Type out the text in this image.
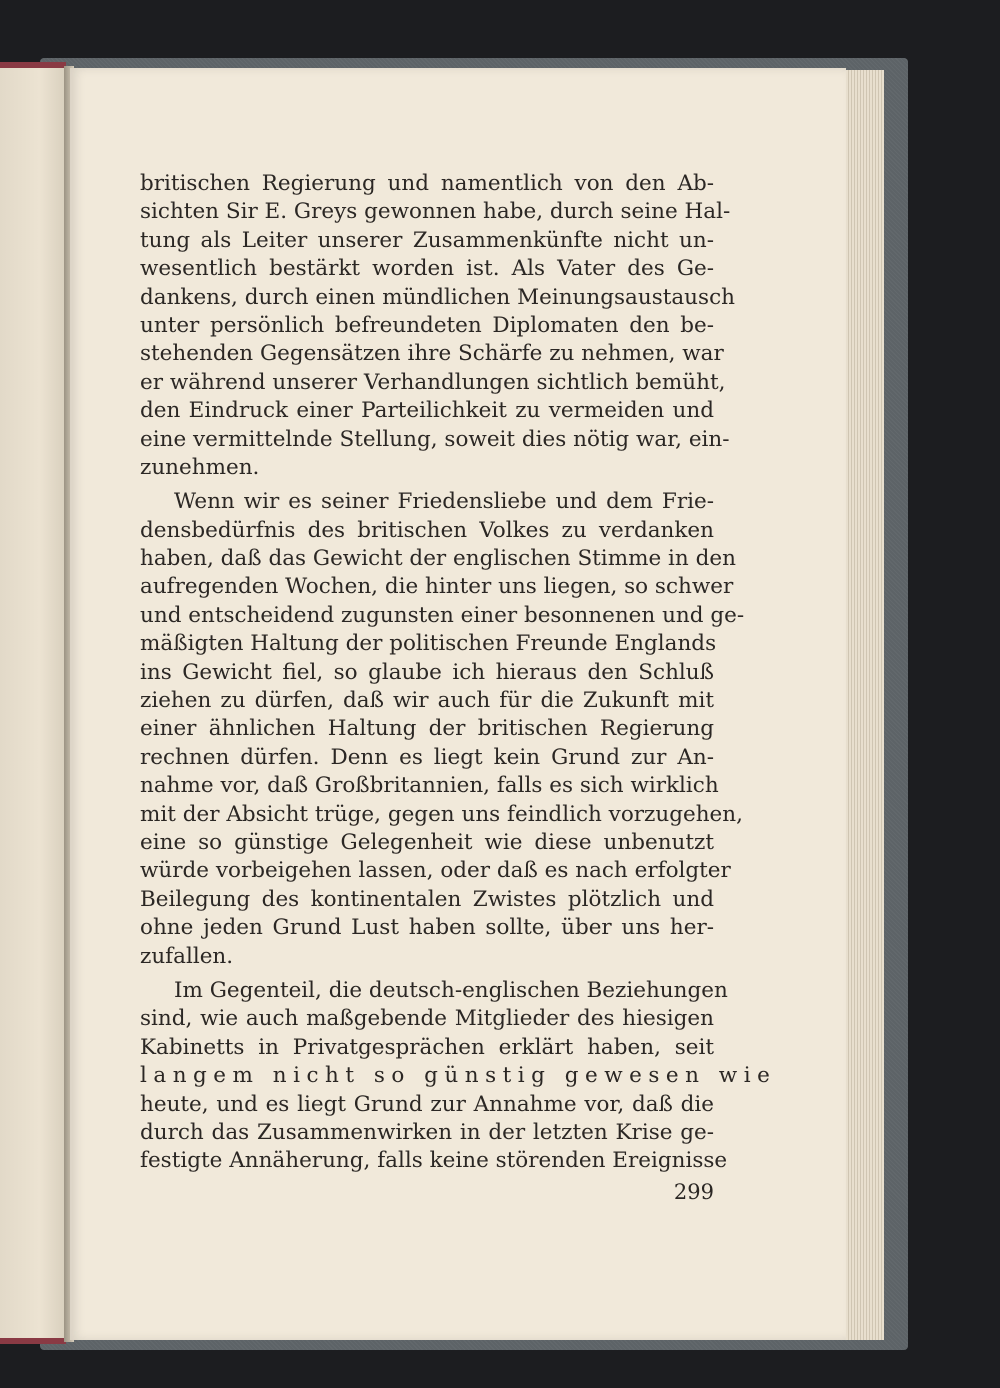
britischen Regierung und namentlich von den Ab-
sichten Sir E. Greys gewonnen habe, durch seine Hal-
tung als Leiter unserer Zusammenkünfte nicht un-
wesentlich bestärkt worden ist. Als Vater des Ge-
dankens, durch einen mündlichen Meinungsaustausch
unter persönlich befreundeten Diplomaten den be-
stehenden Gegensätzen ihre Schärfe zu nehmen, war
er während unserer Verhandlungen sichtlich bemüht,
den Eindruck einer Parteilichkeit zu vermeiden und
eine vermittelnde Stellung, soweit dies nötig war, ein-
zunehmen.
Wenn wir es seiner Friedensliebe und dem Frie-
densbedürfnis des britischen Volkes zu verdanken
haben, daß das Gewicht der englischen Stimme in den
aufregenden Wochen, die hinter uns liegen, so schwer
und entscheidend zugunsten einer besonnenen und ge-
mäßigten Haltung der politischen Freunde Englands
ins Gewicht fiel, so glaube ich hieraus den Schluß
ziehen zu dürfen, daß wir auch für die Zukunft mit
einer ähnlichen Haltung der britischen Regierung
rechnen dürfen. Denn es liegt kein Grund zur An-
nahme vor, daß Großbritannien, falls es sich wirklich
mit der Absicht trüge, gegen uns feindlich vorzugehen,
eine so günstige Gelegenheit wie diese unbenutzt
würde vorbeigehen lassen, oder daß es nach erfolgter
Beilegung des kontinentalen Zwistes plötzlich und
ohne jeden Grund Lust haben sollte, über uns her-
zufallen.
Im Gegenteil, die deutsch-englischen Beziehungen
sind, wie auch maßgebende Mitglieder des hiesigen
Kabinetts in Privatgesprächen erklärt haben, seit
langem nicht so günstig gewesen wie
heute, und es liegt Grund zur Annahme vor, daß die
durch das Zusammenwirken in der letzten Krise ge-
festigte Annäherung, falls keine störenden Ereignisse
299
